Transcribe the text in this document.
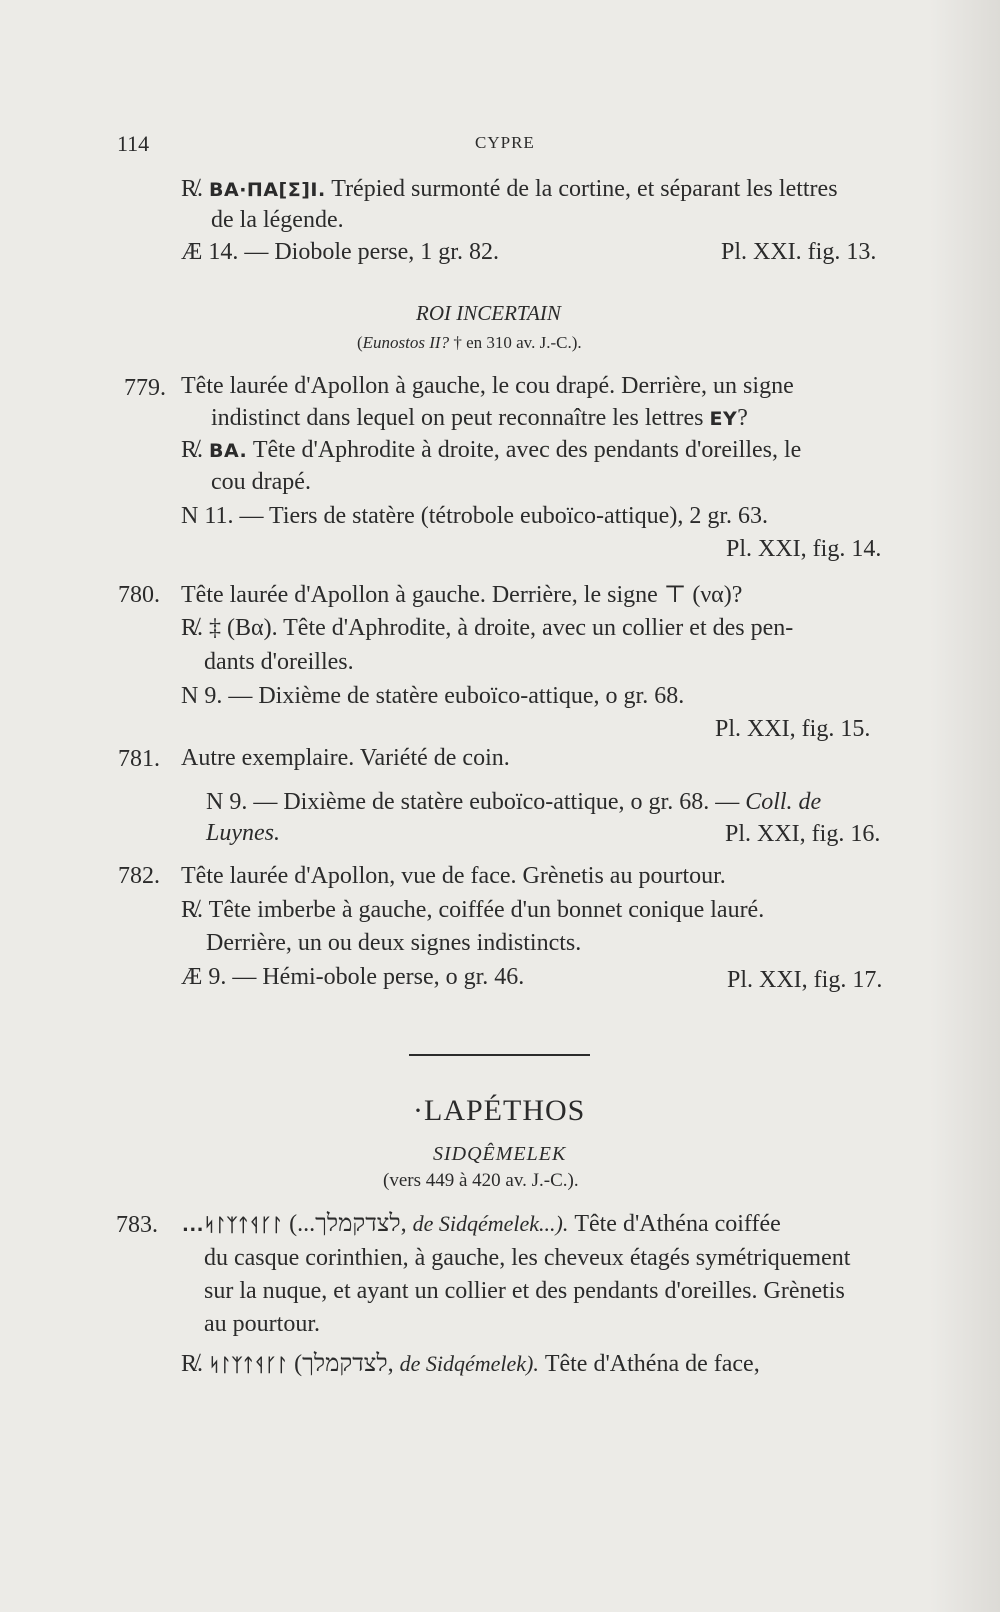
114	CYPRE
R̸. BA·ΠA[Σ]I. Trépied surmonté de la cortine, et séparant les lettres
de la légende.
Æ 14. — Diobole perse, 1 gr. 82.	Pl. XXI. fig. 13.
ROI INCERTAIN
(Eunostos II? † en 310 av. J.-C.).
779. Tête laurée d'Apollon à gauche, le cou drapé. Derrière, un signe
indistinct dans lequel on peut reconnaître les lettres EY?
R̸. BA. Tête d'Aphrodite à droite, avec des pendants d'oreilles, le
cou drapé.
N 11. — Tiers de statère (tétrobole euboïco-attique), 2 gr. 63.
Pl. XXI, fig. 14.
780. Tête laurée d'Apollon à gauche. Derrière, le signe ⊤ (να)?
R̸. ‡ (Βα). Tête d'Aphrodite, à droite, avec un collier et des pen-
dants d'oreilles.
N 9. — Dixième de statère euboïco-attique, o gr. 68.
Pl. XXI, fig. 15.
781. Autre exemplaire. Variété de coin.
N 9. — Dixième de statère euboïco-attique, o gr. 68. — Coll. de
Luynes.	Pl. XXI, fig. 16.
782. Tête laurée d'Apollon, vue de face. Grènetis au pourtour.
R̸. Tête imberbe à gauche, coiffée d'un bonnet conique lauré.
Derrière, un ou deux signes indistincts.
Æ 9. — Hémi-obole perse, o gr. 46.	Pl. XXI, fig. 17.
·LAPÉTHOS
SIDQÊMELEK
(vers 449 à 420 av. J.-C.).
783. ...ᛋᛚᛉᛏᛩᚴᛚ (...לצדקמלך, de Sidqémelek...). Tête d'Athéna coiffée
du casque corinthien, à gauche, les cheveux étagés symétriquement
sur la nuque, et ayant un collier et des pendants d'oreilles. Grènetis
au pourtour.
R̸. ᛋᛚᛉᛏᛩᚴᛚ (לצדקמלך, de Sidqémelek). Tête d'Athéna de face,
